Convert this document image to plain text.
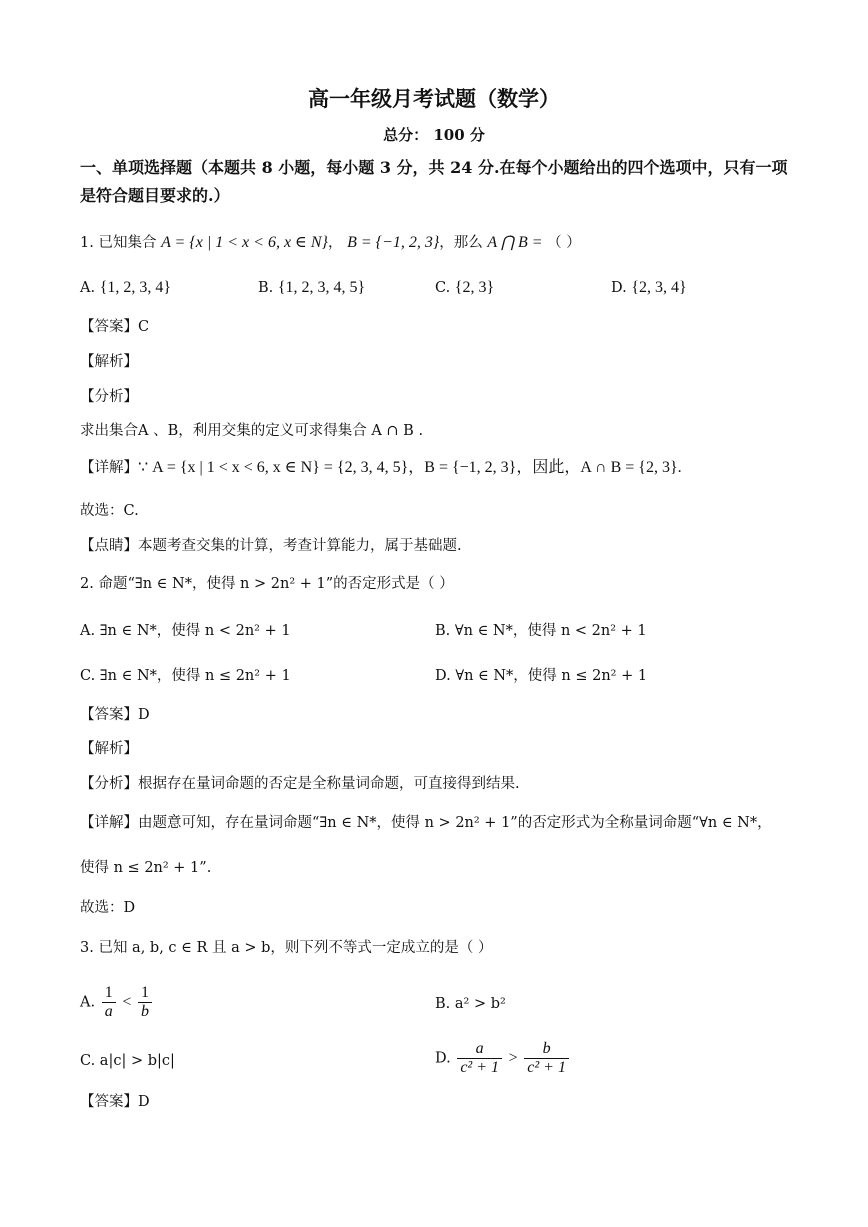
高一年级月考试题（数学）
总分： 100 分
一、单项选择题（本题共 8 小题，每小题 3 分，共 24 分.在每个小题给出的四个选项中，只有一项是符合题目要求的.）
1. 已知集合 A = {x | 1 < x < 6, x ∈ N}， B = {−1, 2, 3}，那么 A ⋂ B = （ ）
A. {1, 2, 3, 4}	B. {1, 2, 3, 4, 5}	C. {2, 3}	D. {2, 3, 4}
【答案】C
【解析】
【分析】
求出集合A 、B，利用交集的定义可求得集合 A ∩ B .
【详解】∵ A = {x | 1 < x < 6, x ∈ N} = {2, 3, 4, 5}，B = {−1, 2, 3}，因此，A ∩ B = {2, 3}.
故选：C.
【点睛】本题考查交集的计算，考查计算能力，属于基础题.
2. 命题“∃n ∈ N*，使得 n > 2n² + 1”的否定形式是（ ）
A. ∃n ∈ N*，使得 n < 2n² + 1	B. ∀n ∈ N*，使得 n < 2n² + 1
C. ∃n ∈ N*，使得 n ≤ 2n² + 1	D. ∀n ∈ N*，使得 n ≤ 2n² + 1
【答案】D
【解析】
【分析】根据存在量词命题的否定是全称量词命题，可直接得到结果.
【详解】由题意可知，存在量词命题“∃n ∈ N*，使得 n > 2n² + 1”的否定形式为全称量词命题“∀n ∈ N*，
使得 n ≤ 2n² + 1”.
故选：D
3. 已知 a, b, c ∈ R 且 a > b，则下列不等式一定成立的是（ ）
A. $\frac{1}{a} < \frac{1}{b}$	B. a² > b²
C. a|c| > b|c|	D. $\frac{a}{\text{c² + 1}} > \frac{b}{\text{c² + 1}}$
【答案】D
